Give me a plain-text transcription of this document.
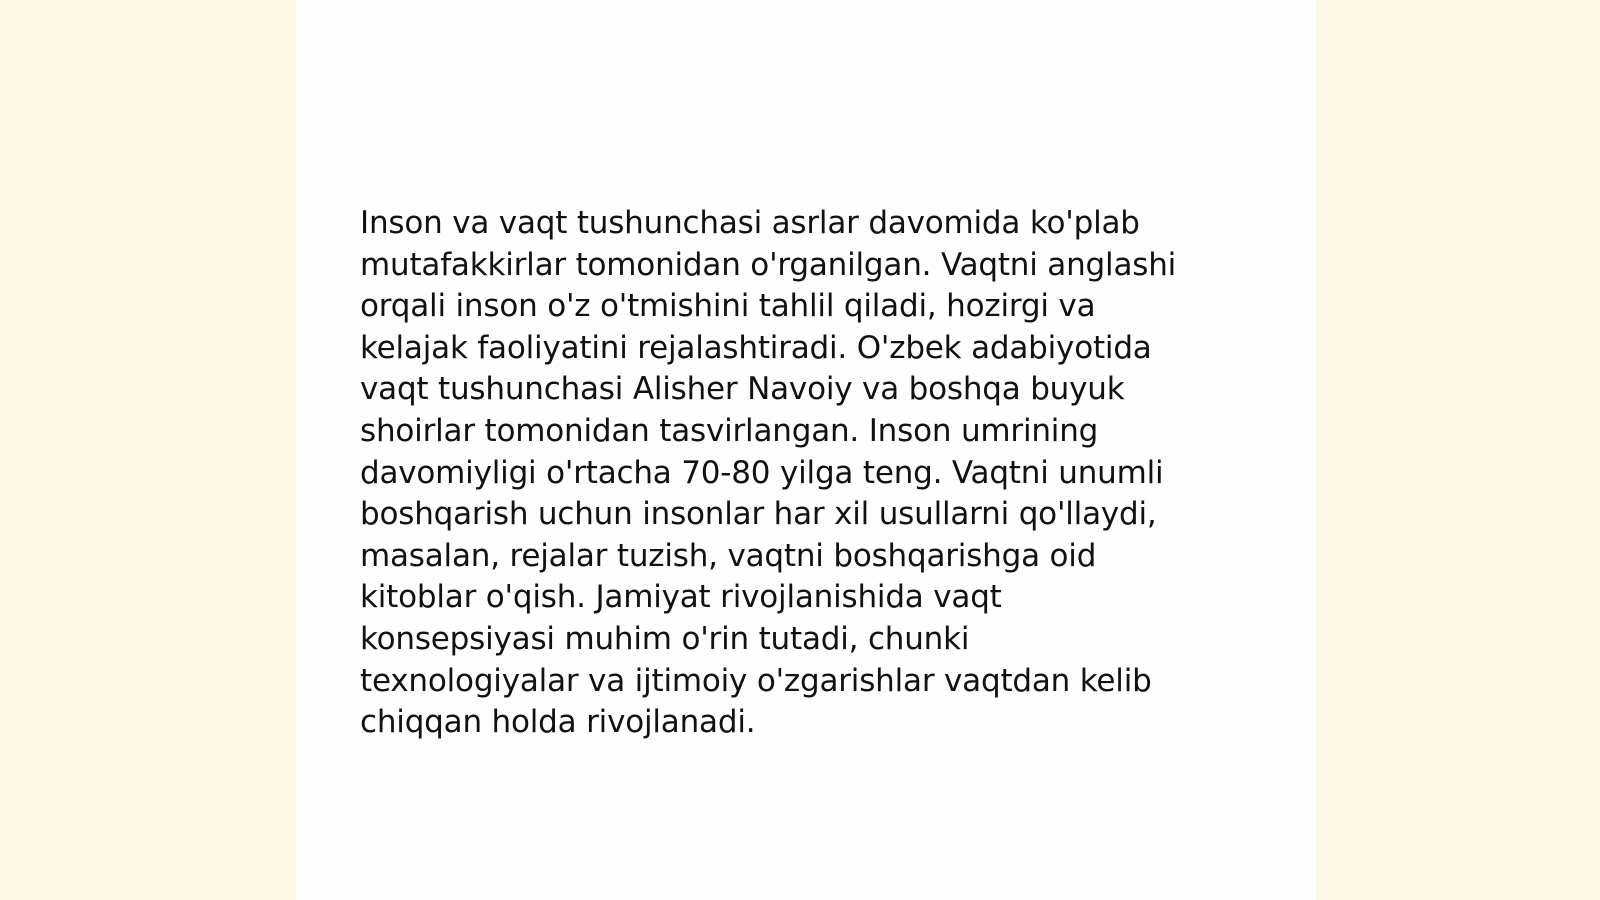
Inson va vaqt tushunchasi asrlar davomida ko'plab
mutafakkirlar tomonidan o'rganilgan. Vaqtni anglashi
orqali inson o'z o'tmishini tahlil qiladi, hozirgi va
kelajak faoliyatini rejalashtiradi. O'zbek adabiyotida
vaqt tushunchasi Alisher Navoiy va boshqa buyuk
shoirlar tomonidan tasvirlangan. Inson umrining
davomiyligi o'rtacha 70-80 yilga teng. Vaqtni unumli
boshqarish uchun insonlar har xil usullarni qo'llaydi,
masalan, rejalar tuzish, vaqtni boshqarishga oid
kitoblar o'qish. Jamiyat rivojlanishida vaqt
konsepsiyasi muhim o'rin tutadi, chunki
texnologiyalar va ijtimoiy o'zgarishlar vaqtdan kelib
chiqqan holda rivojlanadi.
